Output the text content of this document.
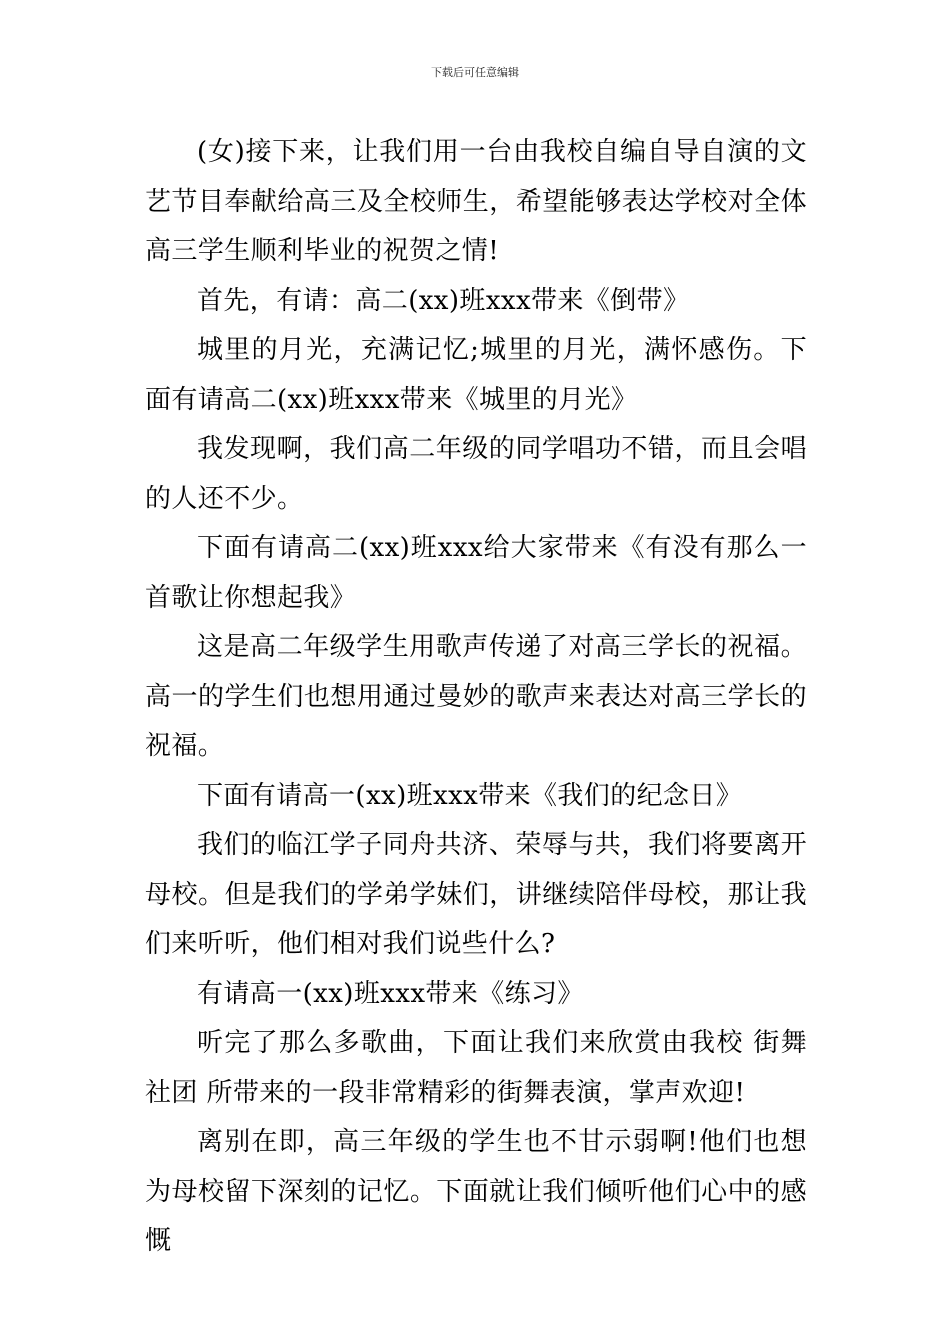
下载后可任意编辑

(女)接下来，让我们用一台由我校自编自导自演的文艺节目奉献给高三及全校师生，希望能够表达学校对全体高三学生顺利毕业的祝贺之情!

首先，有请：高二(xx)班xxx带来《倒带》

城里的月光，充满记忆;城里的月光，满怀感伤。下面有请高二(xx)班xxx带来《城里的月光》

我发现啊，我们高二年级的同学唱功不错，而且会唱的人还不少。

下面有请高二(xx)班xxx给大家带来《有没有那么一首歌让你想起我》

这是高二年级学生用歌声传递了对高三学长的祝福。高一的学生们也想用通过曼妙的歌声来表达对高三学长的祝福。

下面有请高一(xx)班xxx带来《我们的纪念日》

我们的临江学子同舟共济、荣辱与共，我们将要离开母校。但是我们的学弟学妹们，讲继续陪伴母校，那让我们来听听，他们相对我们说些什么?

有请高一(xx)班xxx带来《练习》

听完了那么多歌曲，下面让我们来欣赏由我校 街舞社团 所带来的一段非常精彩的街舞表演，掌声欢迎!

离别在即，高三年级的学生也不甘示弱啊!他们也想为母校留下深刻的记忆。下面就让我们倾听他们心中的感慨
